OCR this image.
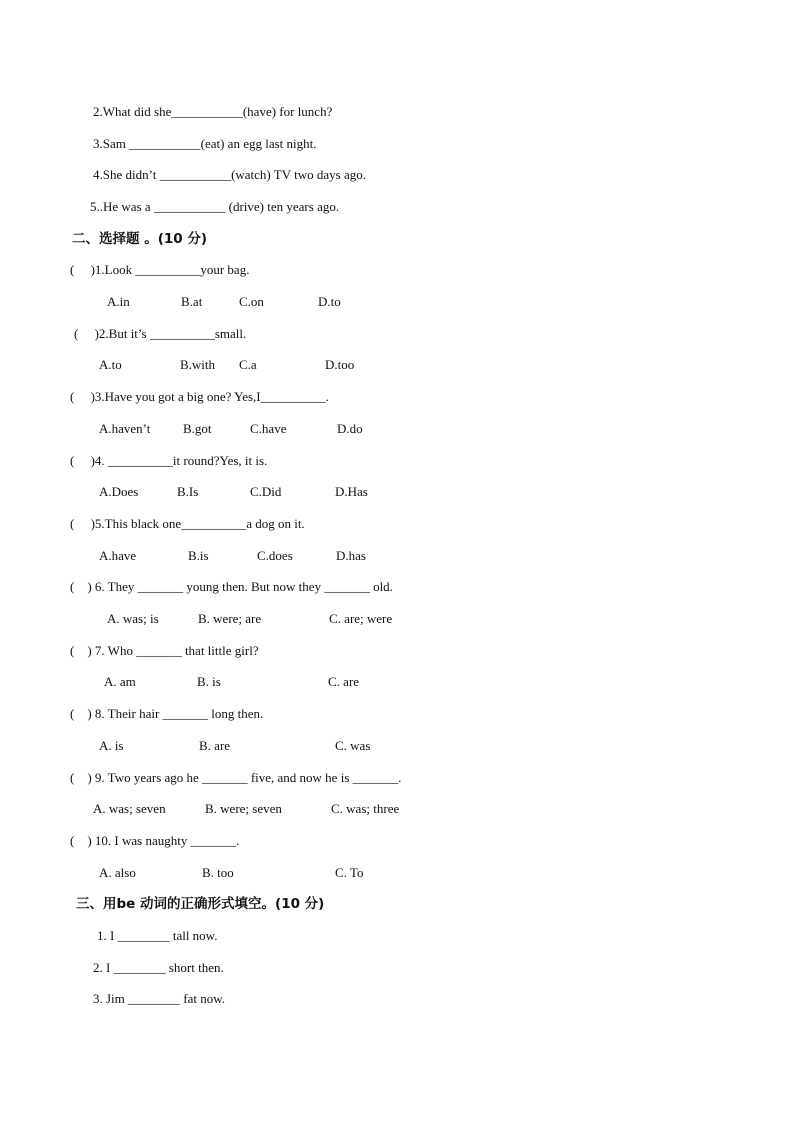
2.What did she___________(have) for lunch?
3.Sam ___________(eat) an egg last night.
4.She didn’t ___________(watch) TV two days ago.
5..He was a ___________ (drive) ten years ago.
二、选择题 。(10 分)
(     )1.Look __________your bag.
A.in	B.at	C.on	D.to
(     )2.But it’s __________small.
A.to	B.with C.a	D.too
(     )3.Have you got a big one? Yes,I__________.
A.haven’t	B.got	C.have	D.do
(     )4. __________it round?Yes, it is.
A.Does	B.Is	C.Did	D.Has
(     )5.This black one__________a dog on it.
A.have	B.is	C.does	D.has
(    ) 6. They _______ young then. But now they _______ old.
A. was; is	B. were; are	C. are; were
(    ) 7. Who _______ that little girl?
A. am	B. is	C. are
(    ) 8. Their hair _______ long then.
A. is	B. are	C. was
(    ) 9. Two years ago he _______ five, and now he is _______.
A. was; seven	B. were; seven	C. was; three
(    ) 10. I was naughty _______.
A. also	B. too	C. To
三、用be 动词的正确形式填空。(10 分)
1. I ________ tall now.
2. I ________ short then.
3. Jim ________ fat now.
